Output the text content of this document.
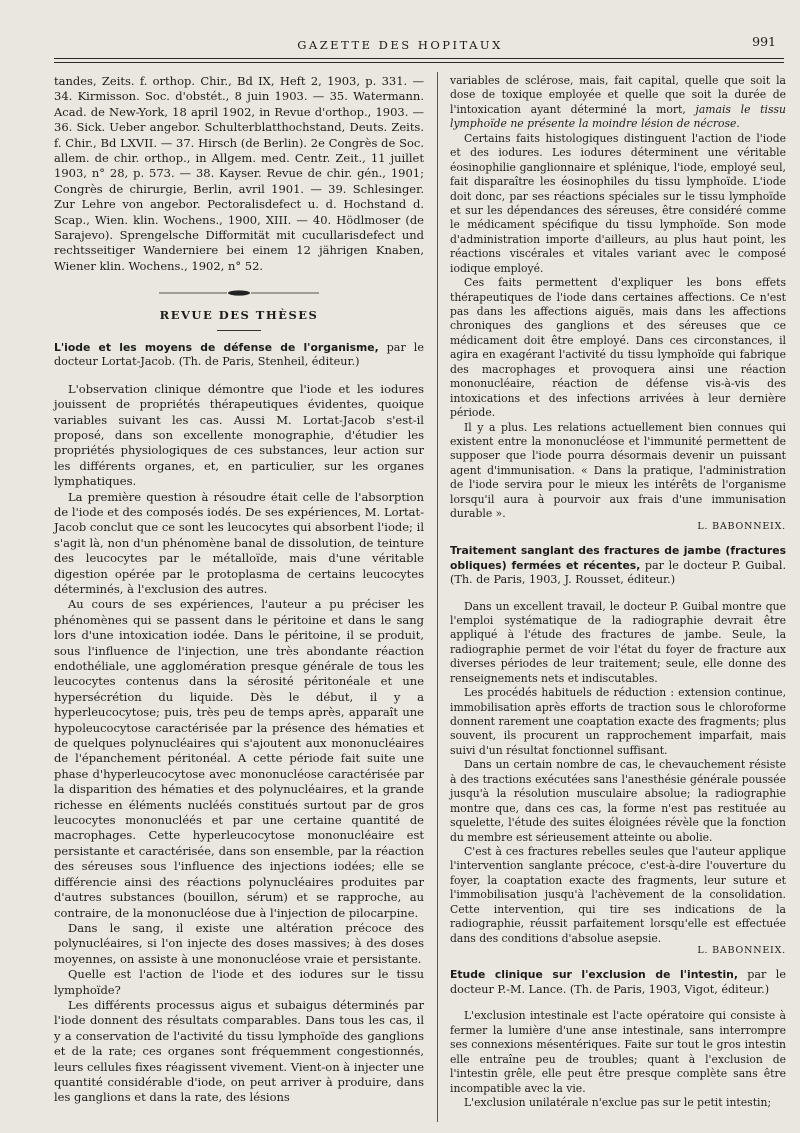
GAZETTE DES HOPITAUX	991

tandes, Zeits. f. orthop. Chir., Bd IX, Heft 2, 1903, p. 331. — 34. Kirmisson. Soc. d'obstét., 8 juin 1903. — 35. Watermann. Acad. de New-York, 18 april 1902, in Revue d'orthop., 1903. — 36. Sick. Ueber angebor. Schulterblatthochstand, Deuts. Zeits. f. Chir., Bd LXVII. — 37. Hirsch (de Berlin). 2e Congrès de Soc. allem. de chir. orthop., in Allgem. med. Centr. Zeit., 11 juillet 1903, n° 28, p. 573. — 38. Kayser. Revue de chir. gén., 1901; Congrès de chirurgie, Berlin, avril 1901. — 39. Schlesinger. Zur Lehre von angebor. Pectoralisdefect u. d. Hochstand d. Scap., Wien. klin. Wochens., 1900, XIII. — 40. Hödlmoser (de Sarajevo). Sprengelsche Difformität mit cucullarisdefect und rechtsseitiger Wanderniere bei einem 12 jährigen Knaben, Wiener klin. Wochens., 1902, n° 52.

REVUE DES THÈSES
L'iode et les moyens de défense de l'organisme, par le docteur Lortat-Jacob. (Th. de Paris, Stenheil, éditeur.)

L'observation clinique démontre que l'iode et les iodures jouissent de propriétés thérapeutiques évidentes, quoique variables suivant les cas. Aussi M. Lortat-Jacob s'est-il proposé, dans son excellente monographie, d'étudier les propriétés physiologiques de ces substances, leur action sur les différents organes, et, en particulier, sur les organes lymphatiques.

La première question à résoudre était celle de l'absorption de l'iode et des composés iodés. De ses expériences, M. Lortat-Jacob conclut que ce sont les leucocytes qui absorbent l'iode; il s'agit là, non d'un phénomène banal de dissolution, de teinture des leucocytes par le métalloïde, mais d'une véritable digestion opérée par le protoplasma de certains leucocytes déterminés, à l'exclusion des autres.

Au cours de ses expériences, l'auteur a pu préciser les phénomènes qui se passent dans le péritoine et dans le sang lors d'une intoxication iodée. Dans le péritoine, il se produit, sous l'influence de l'injection, une très abondante réaction endothéliale, une agglomération presque générale de tous les leucocytes contenus dans la sérosité péritonéale et une hypersécrétion du liquide. Dès le début, il y a hyperleucocytose; puis, très peu de temps après, apparaît une hypoleucocytose caractérisée par la présence des hématies et de quelques polynucléaires qui s'ajoutent aux mononucléaires de l'épanchement péritonéal. A cette période fait suite une phase d'hyperleucocytose avec mononucléose caractérisée par la disparition des hématies et des polynucléaires, et la grande richesse en éléments nucléés constitués surtout par de gros leucocytes mononucléés et par une certaine quantité de macrophages. Cette hyperleucocytose mononucléaire est persistante et caractérisée, dans son ensemble, par la réaction des séreuses sous l'influence des injections iodées; elle se différencie ainsi des réactions polynucléaires produites par d'autres substances (bouillon, sérum) et se rapproche, au contraire, de la mononucléose due à l'injection de pilocarpine.

Dans le sang, il existe une altération précoce des polynucléaires, si l'on injecte des doses massives; à des doses moyennes, on assiste à une mononucléose vraie et persistante.

Quelle est l'action de l'iode et des iodures sur le tissu lymphoïde?

Les différents processus aigus et subaigus déterminés par l'iode donnent des résultats comparables. Dans tous les cas, il y a conservation de l'activité du tissu lymphoïde des ganglions et de la rate; ces organes sont fréquemment congestionnés, leurs cellules fixes réagissent vivement. Vient-on à injecter une quantité considérable d'iode, on peut arriver à produire, dans les ganglions et dans la rate, des lésions

variables de sclérose, mais, fait capital, quelle que soit la dose de toxique employée et quelle que soit la durée de l'intoxication ayant déterminé la mort, jamais le tissu lymphoïde ne présente la moindre lésion de nécrose.

Certains faits histologiques distinguent l'action de l'iode et des iodures. Les iodures déterminent une véritable éosinophilie ganglionnaire et splénique, l'iode, employé seul, fait disparaître les éosinophiles du tissu lymphoïde. L'iode doit donc, par ses réactions spéciales sur le tissu lymphoïde et sur les dépendances des séreuses, être considéré comme le médicament spécifique du tissu lymphoïde. Son mode d'administration importe d'ailleurs, au plus haut point, les réactions viscérales et vitales variant avec le composé iodique employé.

Ces faits permettent d'expliquer les bons effets thérapeutiques de l'iode dans certaines affections. Ce n'est pas dans les affections aiguës, mais dans les affections chroniques des ganglions et des séreuses que ce médicament doit être employé. Dans ces circonstances, il agira en exagérant l'activité du tissu lymphoïde qui fabrique des macrophages et provoquera ainsi une réaction mononucléaire, réaction de défense vis-à-vis des intoxications et des infections arrivées à leur dernière période.

Il y a plus. Les relations actuellement bien connues qui existent entre la mononucléose et l'immunité permettent de supposer que l'iode pourra désormais devenir un puissant agent d'immunisation. « Dans la pratique, l'administration de l'iode servira pour le mieux les intérêts de l'organisme lorsqu'il aura à pourvoir aux frais d'une immunisation durable ».

L. BABONNEIX.
Traitement sanglant des fractures de jambe (fractures obliques) fermées et récentes, par le docteur P. Guibal. (Th. de Paris, 1903, J. Rousset, éditeur.)

Dans un excellent travail, le docteur P. Guibal montre que l'emploi systématique de la radiographie devrait être appliqué à l'étude des fractures de jambe. Seule, la radiographie permet de voir l'état du foyer de fracture aux diverses périodes de leur traitement; seule, elle donne des renseignements nets et indiscutables.

Les procédés habituels de réduction : extension continue, immobilisation après efforts de traction sous le chloroforme donnent rarement une coaptation exacte des fragments; plus souvent, ils procurent un rapprochement imparfait, mais suivi d'un résultat fonctionnel suffisant.

Dans un certain nombre de cas, le chevauchement résiste à des tractions exécutées sans l'anesthésie générale poussée jusqu'à la résolution musculaire absolue; la radiographie montre que, dans ces cas, la forme n'est pas restituée au squelette, l'étude des suites éloignées révèle que la fonction du membre est sérieusement atteinte ou abolie.

C'est à ces fractures rebelles seules que l'auteur applique l'intervention sanglante précoce, c'est-à-dire l'ouverture du foyer, la coaptation exacte des fragments, leur suture et l'immobilisation jusqu'à l'achèvement de la consolidation. Cette intervention, qui tire ses indications de la radiographie, réussit parfaitement lorsqu'elle est effectuée dans des conditions d'absolue asepsie.

L. BABONNEIX.
Etude clinique sur l'exclusion de l'intestin, par le docteur P.-M. Lance. (Th. de Paris, 1903, Vigot, éditeur.)

L'exclusion intestinale est l'acte opératoire qui consiste à fermer la lumière d'une anse intestinale, sans interrompre ses connexions mésentériques. Faite sur tout le gros intestin elle entraîne peu de troubles; quant à l'exclusion de l'intestin grêle, elle peut être presque complète sans être incompatible avec la vie.

L'exclusion unilatérale n'exclue pas sur le petit intestin;
